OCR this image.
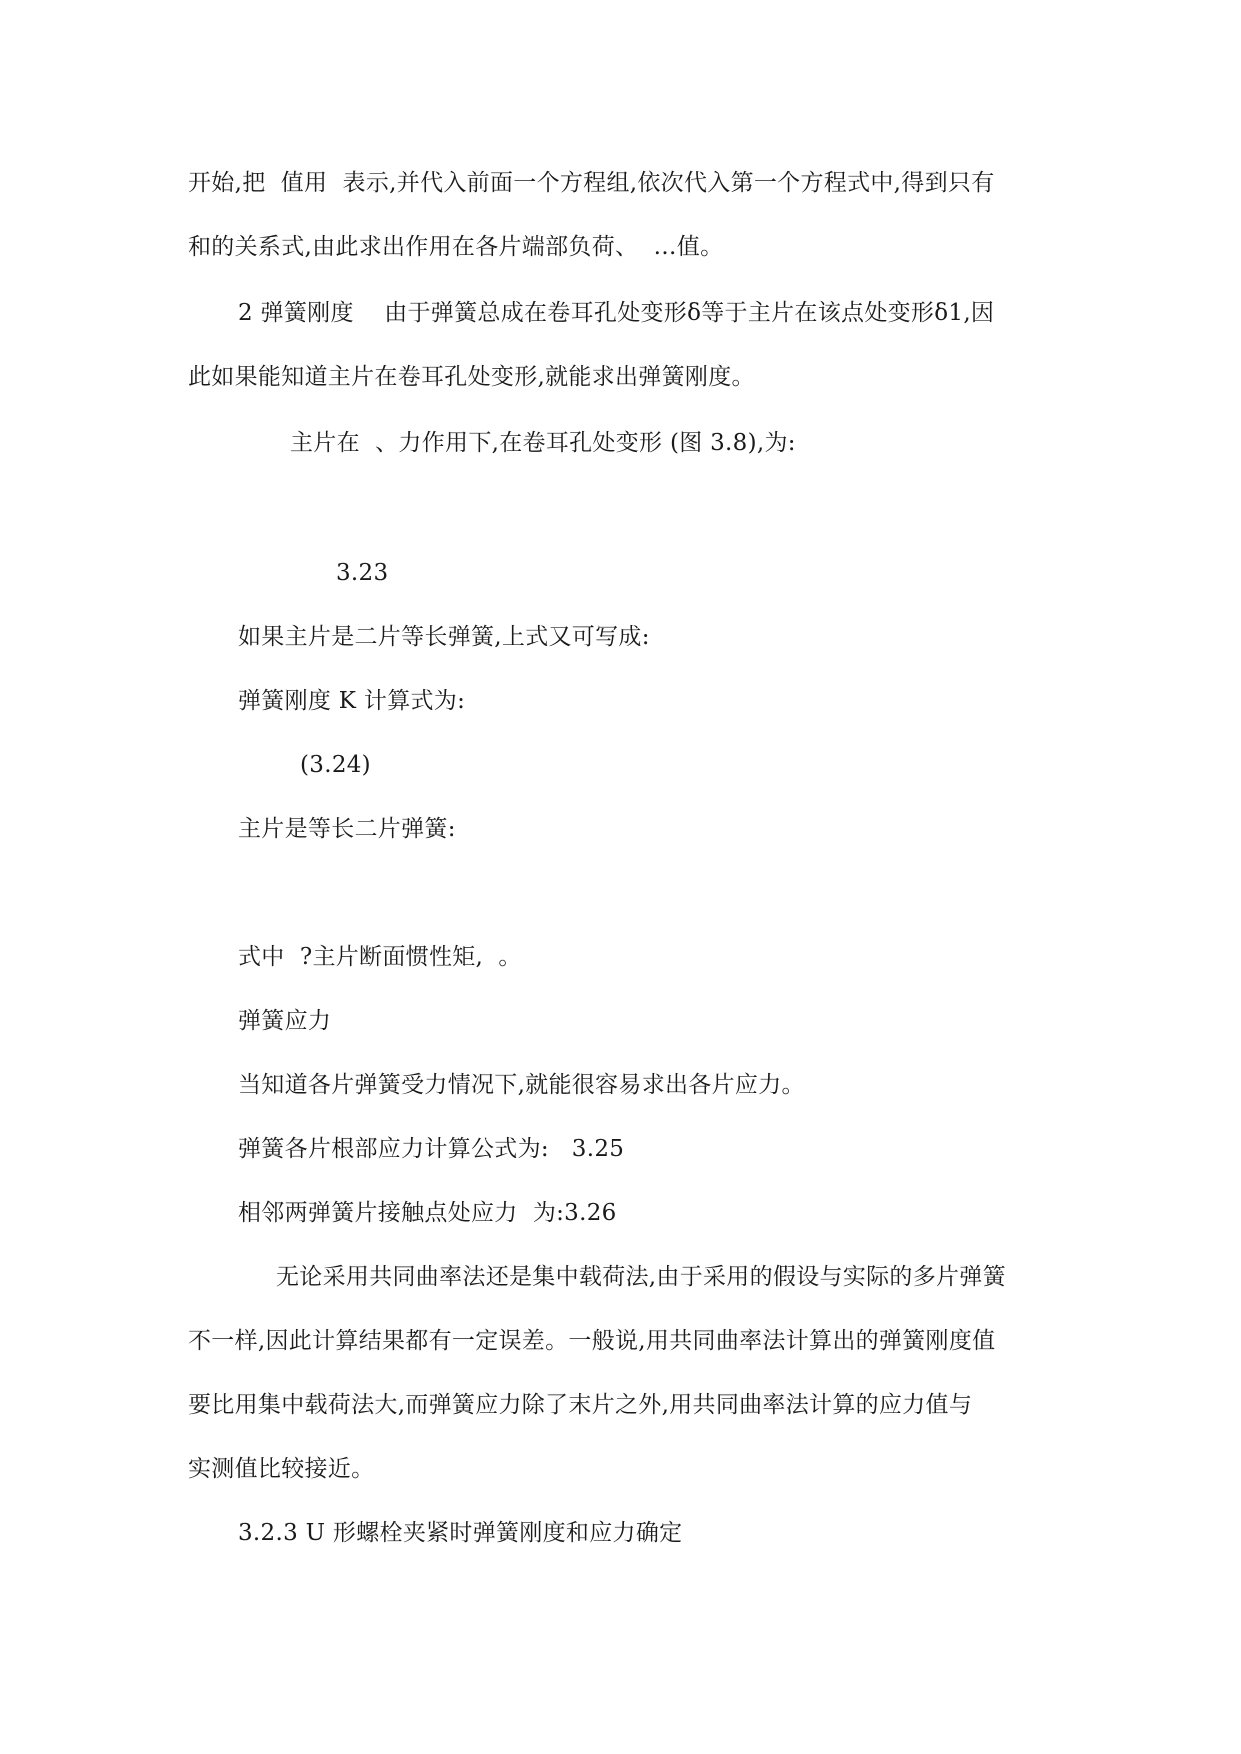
开始,把  值用  表示,并代入前面一个方程组,依次代入第一个方程式中,得到只有

和的关系式,由此求出作用在各片端部负荷、  …值。

2 弹簧刚度    由于弹簧总成在卷耳孔处变形δ等于主片在该点处变形δ1,因

此如果能知道主片在卷耳孔处变形,就能求出弹簧刚度。

主片在  、力作用下,在卷耳孔处变形 (图 3.8),为:

3.23

如果主片是二片等长弹簧,上式又可写成:

弹簧刚度 K 计算式为:

(3.24)

主片是等长二片弹簧:

式中  ?主片断面惯性矩,  。

弹簧应力

当知道各片弹簧受力情况下,就能很容易求出各片应力。

弹簧各片根部应力计算公式为:   3.25

相邻两弹簧片接触点处应力  为:3.26

无论采用共同曲率法还是集中载荷法,由于采用的假设与实际的多片弹簧

不一样,因此计算结果都有一定误差。一般说,用共同曲率法计算出的弹簧刚度值

要比用集中载荷法大,而弹簧应力除了末片之外,用共同曲率法计算的应力值与

实测值比较接近。

3.2.3 U 形螺栓夹紧时弹簧刚度和应力确定
